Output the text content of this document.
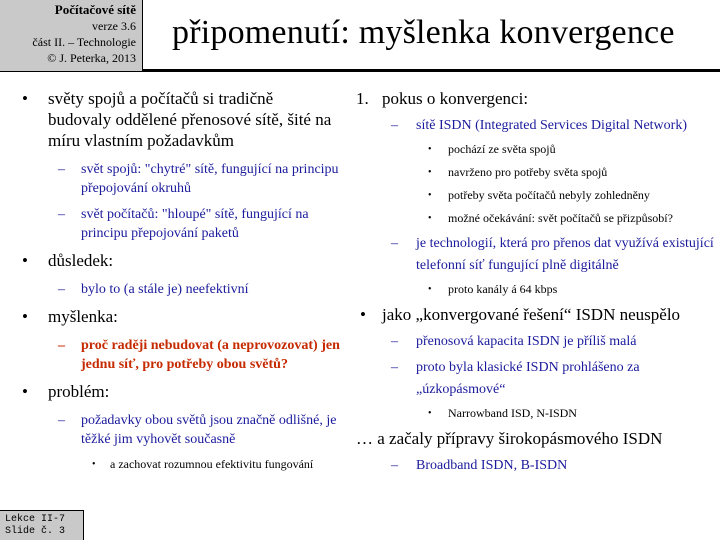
Počítačové sítě
verze 3.6
část II. – Technologie
© J. Peterka, 2013
připomenutí: myšlenka konvergence
• světy spojů a počítačů si tradičně budovaly oddělené přenosové sítě, šité na míru vlastním požadavkům
– svět spojů: "chytré" sítě, fungující na principu přepojování okruhů
– svět počítačů: "hloupé" sítě, fungující na principu přepojování paketů
• důsledek:
– bylo to (a stále je) neefektivní
• myšlenka:
– proč raději nebudovat (a neprovozovat) jen jednu síť, pro potřeby obou světů?
• problém:
– požadavky obou světů jsou značně odlišné, je těžké jim vyhovět současně
• a zachovat rozumnou efektivitu fungování
1. pokus o konvergenci:
– sítě ISDN (Integrated Services Digital Network)
• pochází ze světa spojů
• navrženo pro potřeby světa spojů
• potřeby světa počítačů nebyly zohledněny
• možné očekávání: svět počítačů se přizpůsobí?
– je technologií, která pro přenos dat využívá existující telefonní síť fungující plně digitálně
• proto kanály á 64 kbps
• jako „konvergované řešení“ ISDN neuspělo
– přenosová kapacita ISDN je příliš malá
– proto byla klasické ISDN prohlášeno za „úzkopásmové“
• Narrowband ISD, N-ISDN
… a začaly přípravy širokopásmového ISDN
– Broadband ISDN, B-ISDN
Lekce II-7
Slide č. 3
